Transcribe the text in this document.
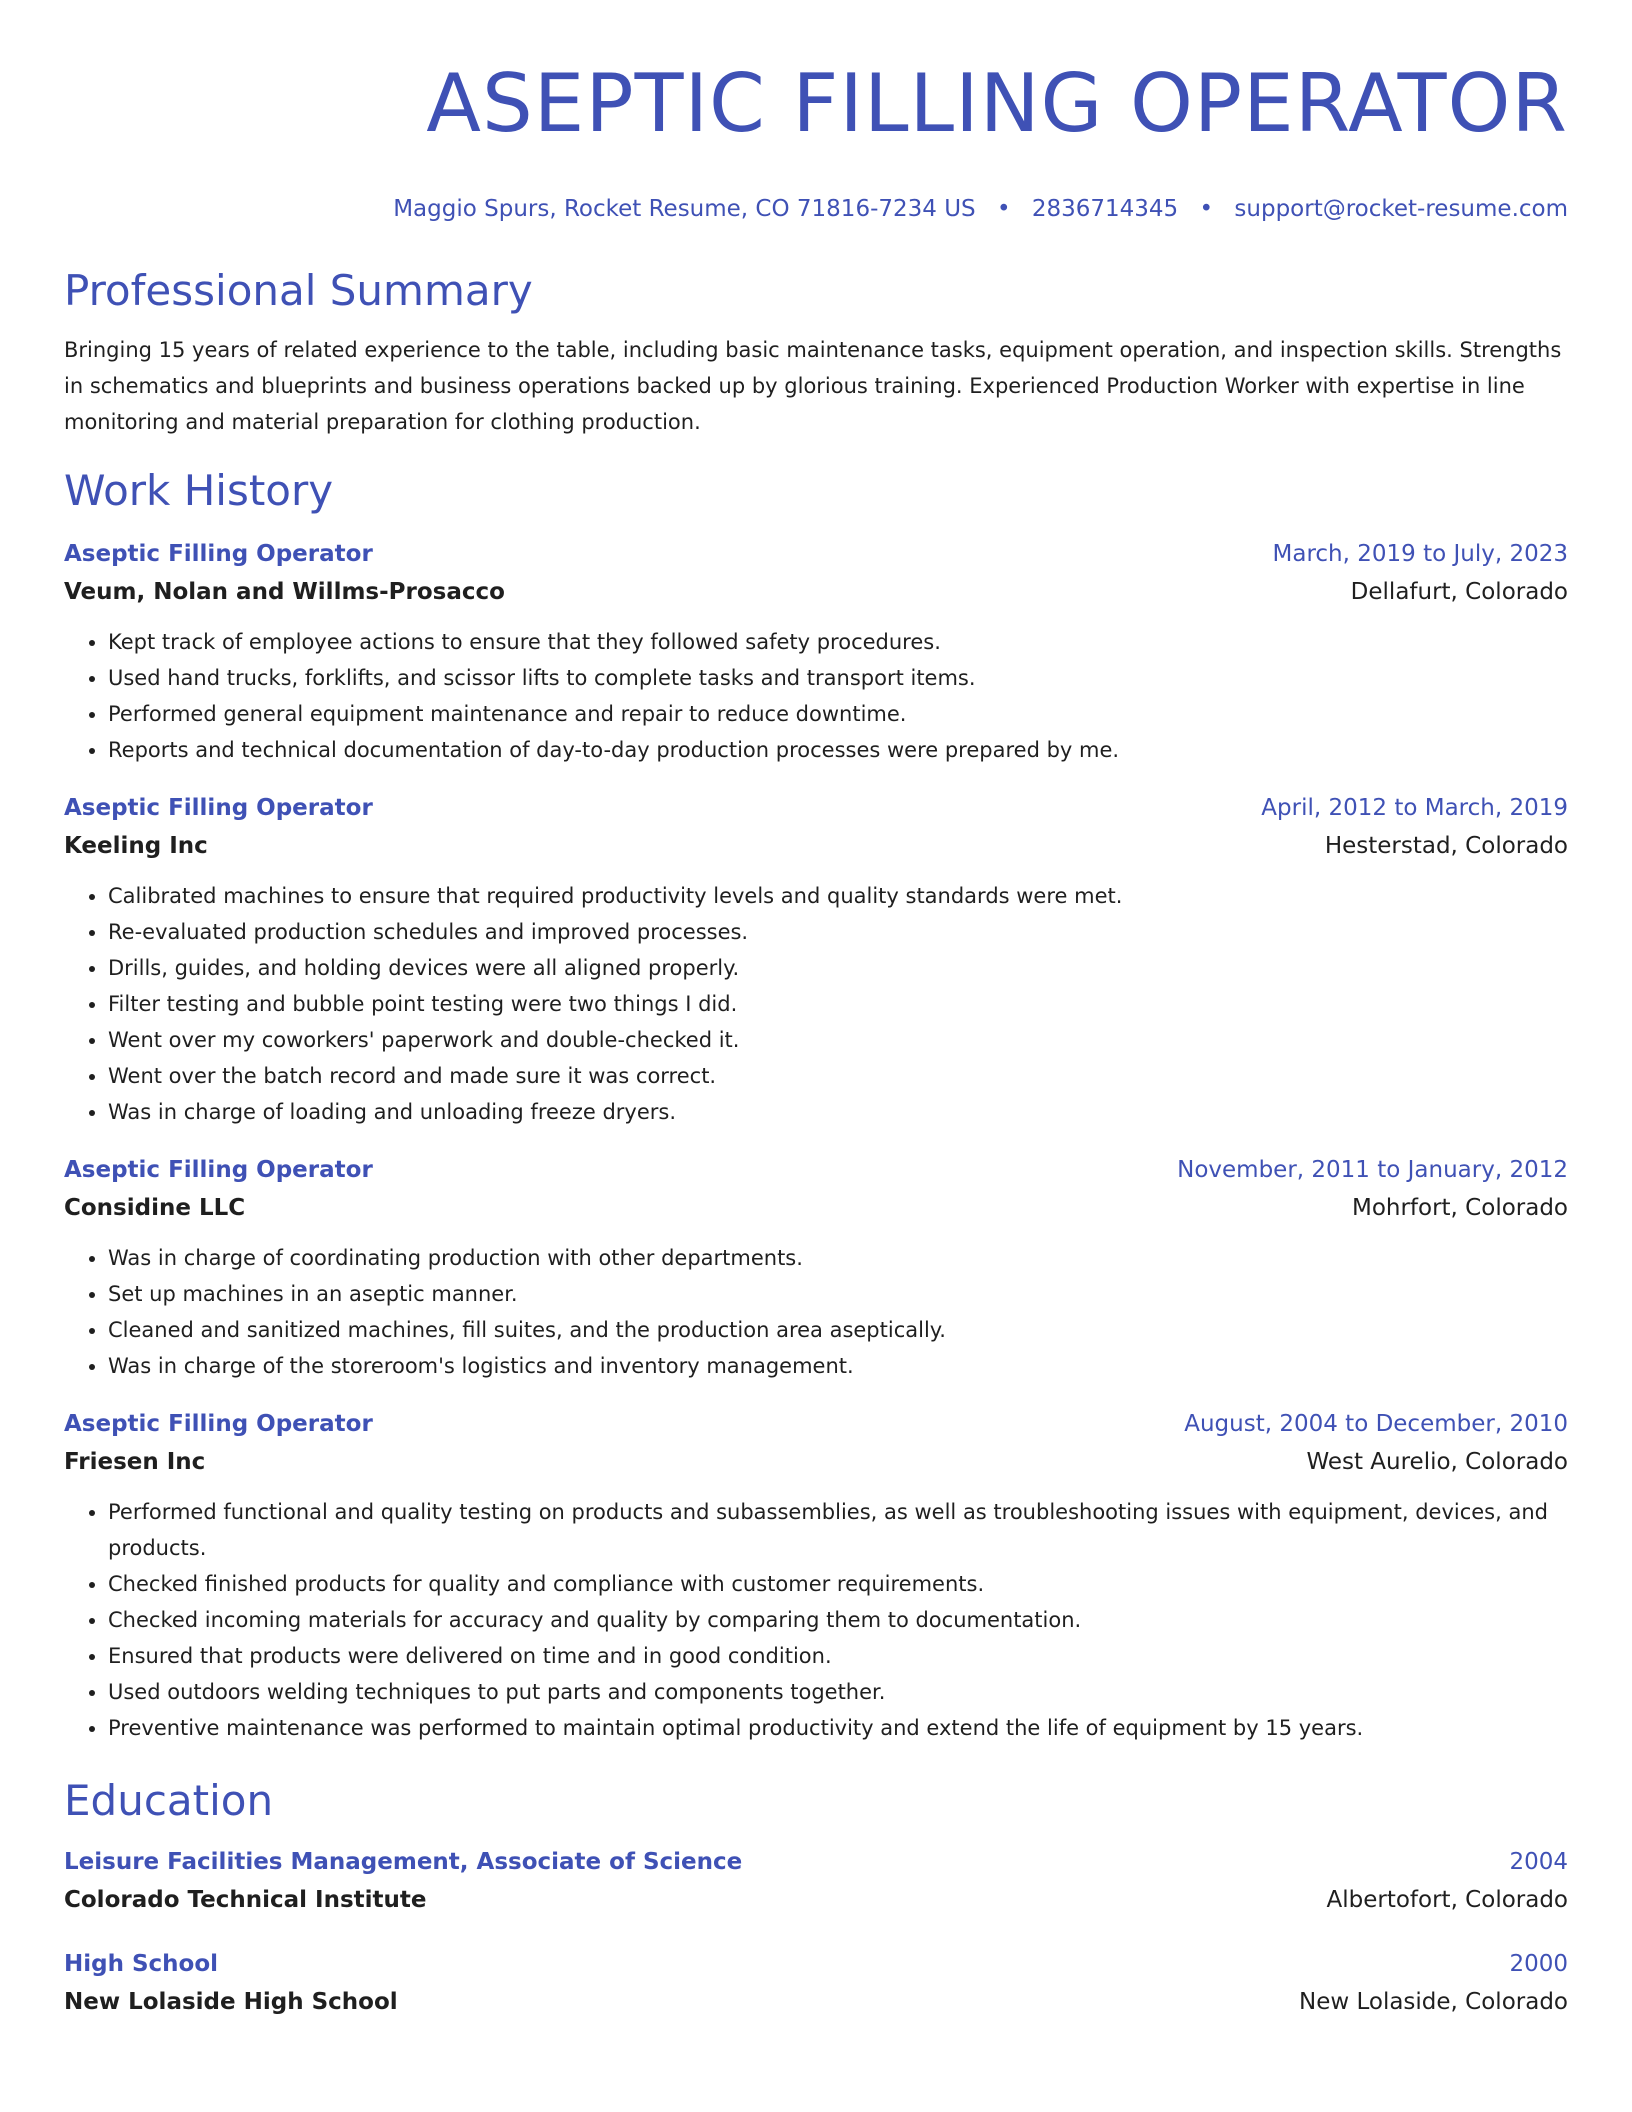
ASEPTIC FILLING OPERATOR
Maggio Spurs, Rocket Resume, CO 71816-7234 US • 2836714345 • support@rocket-resume.com
Professional Summary

Bringing 15 years of related experience to the table, including basic maintenance tasks, equipment operation, and inspection skills. Strengths in schematics and blueprints and business operations backed up by glorious training. Experienced Production Worker with expertise in line monitoring and material preparation for clothing production.

Work History
Aseptic Filling Operator	March, 2019 to July, 2023
Veum, Nolan and Willms-Prosacco	Dellafurt, Colorado
• Kept track of employee actions to ensure that they followed safety procedures.
• Used hand trucks, forklifts, and scissor lifts to complete tasks and transport items.
• Performed general equipment maintenance and repair to reduce downtime.
• Reports and technical documentation of day-to-day production processes were prepared by me.
Aseptic Filling Operator	April, 2012 to March, 2019
Keeling Inc	Hesterstad, Colorado
• Calibrated machines to ensure that required productivity levels and quality standards were met.
• Re-evaluated production schedules and improved processes.
• Drills, guides, and holding devices were all aligned properly.
• Filter testing and bubble point testing were two things I did.
• Went over my coworkers' paperwork and double-checked it.
• Went over the batch record and made sure it was correct.
• Was in charge of loading and unloading freeze dryers.
Aseptic Filling Operator	November, 2011 to January, 2012
Considine LLC	Mohrfort, Colorado
• Was in charge of coordinating production with other departments.
• Set up machines in an aseptic manner.
• Cleaned and sanitized machines, fill suites, and the production area aseptically.
• Was in charge of the storeroom's logistics and inventory management.
Aseptic Filling Operator	August, 2004 to December, 2010
Friesen Inc	West Aurelio, Colorado
• Performed functional and quality testing on products and subassemblies, as well as troubleshooting issues with equipment, devices, and products.
• Checked finished products for quality and compliance with customer requirements.
• Checked incoming materials for accuracy and quality by comparing them to documentation.
• Ensured that products were delivered on time and in good condition.
• Used outdoors welding techniques to put parts and components together.
• Preventive maintenance was performed to maintain optimal productivity and extend the life of equipment by 15 years.
Education
Leisure Facilities Management, Associate of Science	2004
Colorado Technical Institute	Albertofort, Colorado
High School	2000
New Lolaside High School	New Lolaside, Colorado
